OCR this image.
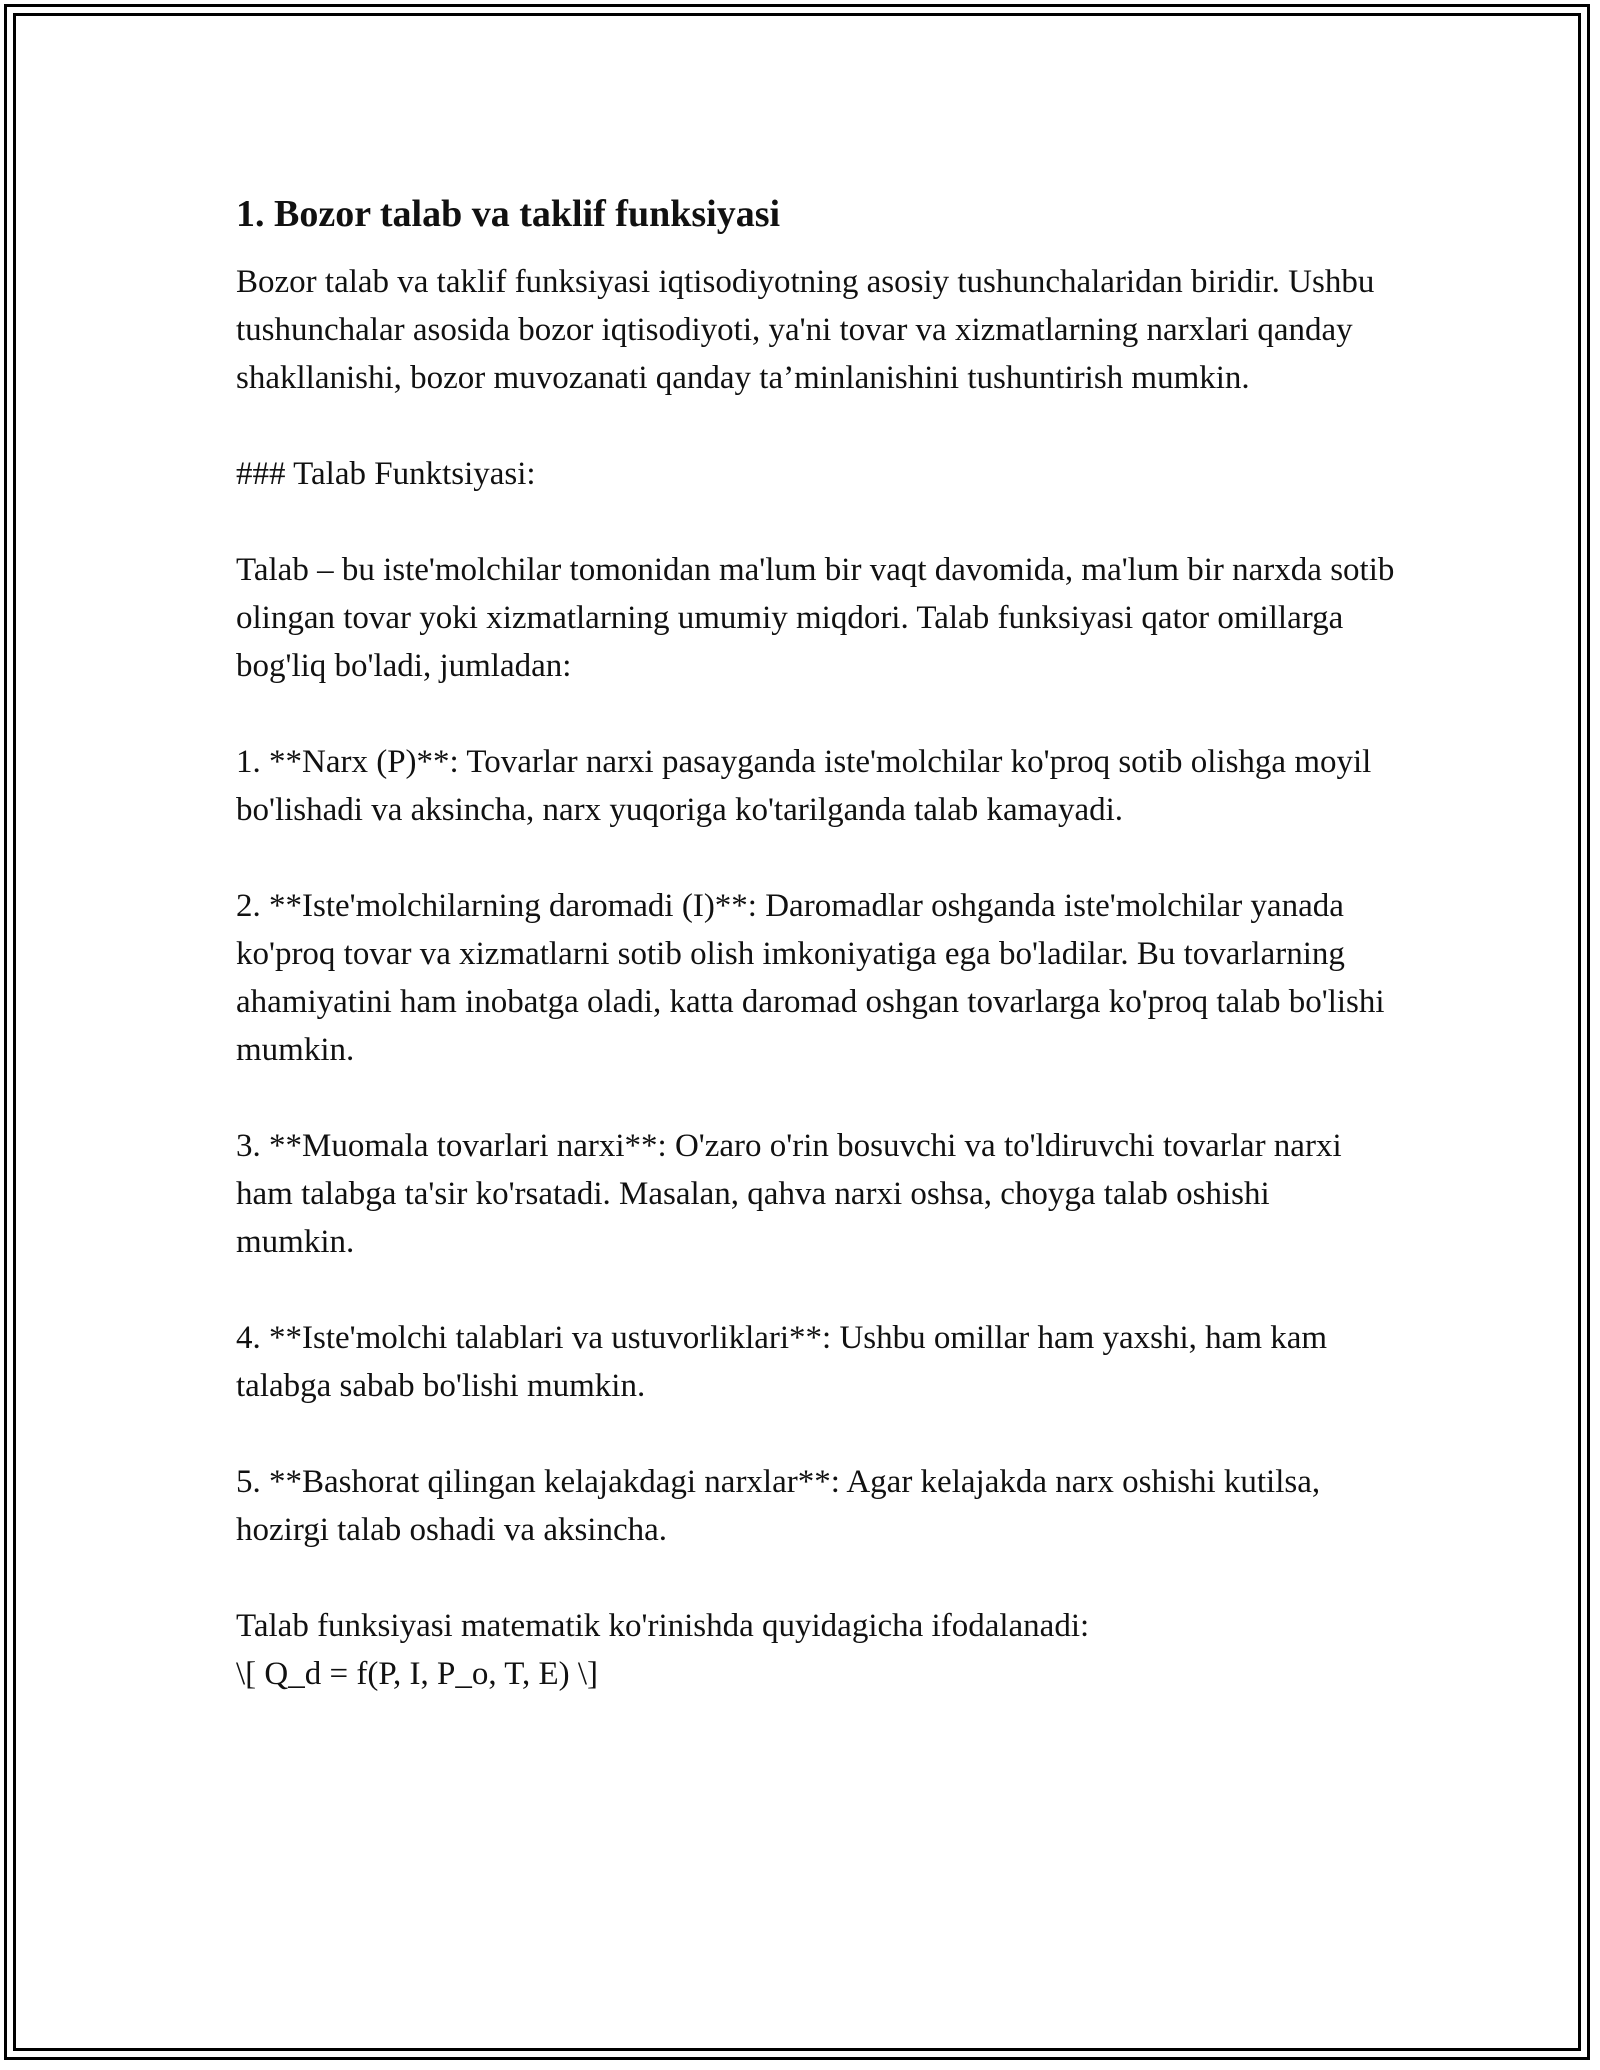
1. Bozor talab va taklif funksiyasi

Bozor talab va taklif funksiyasi iqtisodiyotning asosiy tushunchalaridan biridir. Ushbu tushunchalar asosida bozor iqtisodiyoti, ya'ni tovar va xizmatlarning narxlari qanday shakllanishi, bozor muvozanati qanday ta’minlanishini tushuntirish mumkin.

### Talab Funktsiyasi:

Talab – bu iste'molchilar tomonidan ma'lum bir vaqt davomida, ma'lum bir narxda sotib olingan tovar yoki xizmatlarning umumiy miqdori. Talab funksiyasi qator omillarga bog'liq bo'ladi, jumladan:

1. **Narx (P)**: Tovarlar narxi pasayganda iste'molchilar ko'proq sotib olishga moyil bo'lishadi va aksincha, narx yuqoriga ko'tarilganda talab kamayadi.

2. **Iste'molchilarning daromadi (I)**: Daromadlar oshganda iste'molchilar yanada ko'proq tovar va xizmatlarni sotib olish imkoniyatiga ega bo'ladilar. Bu tovarlarning ahamiyatini ham inobatga oladi, katta daromad oshgan tovarlarga ko'proq talab bo'lishi mumkin.

3. **Muomala tovarlari narxi**: O'zaro o'rin bosuvchi va to'ldiruvchi tovarlar narxi ham talabga ta'sir ko'rsatadi. Masalan, qahva narxi oshsa, choyga talab oshishi mumkin.

4. **Iste'molchi talablari va ustuvorliklari**: Ushbu omillar ham yaxshi, ham kam talabga sabab bo'lishi mumkin.

5. **Bashorat qilingan kelajakdagi narxlar**: Agar kelajakda narx oshishi kutilsa, hozirgi talab oshadi va aksincha.

Talab funksiyasi matematik ko'rinishda quyidagicha ifodalanadi:

\[ Q_d = f(P, I, P_o, T, E) \]
